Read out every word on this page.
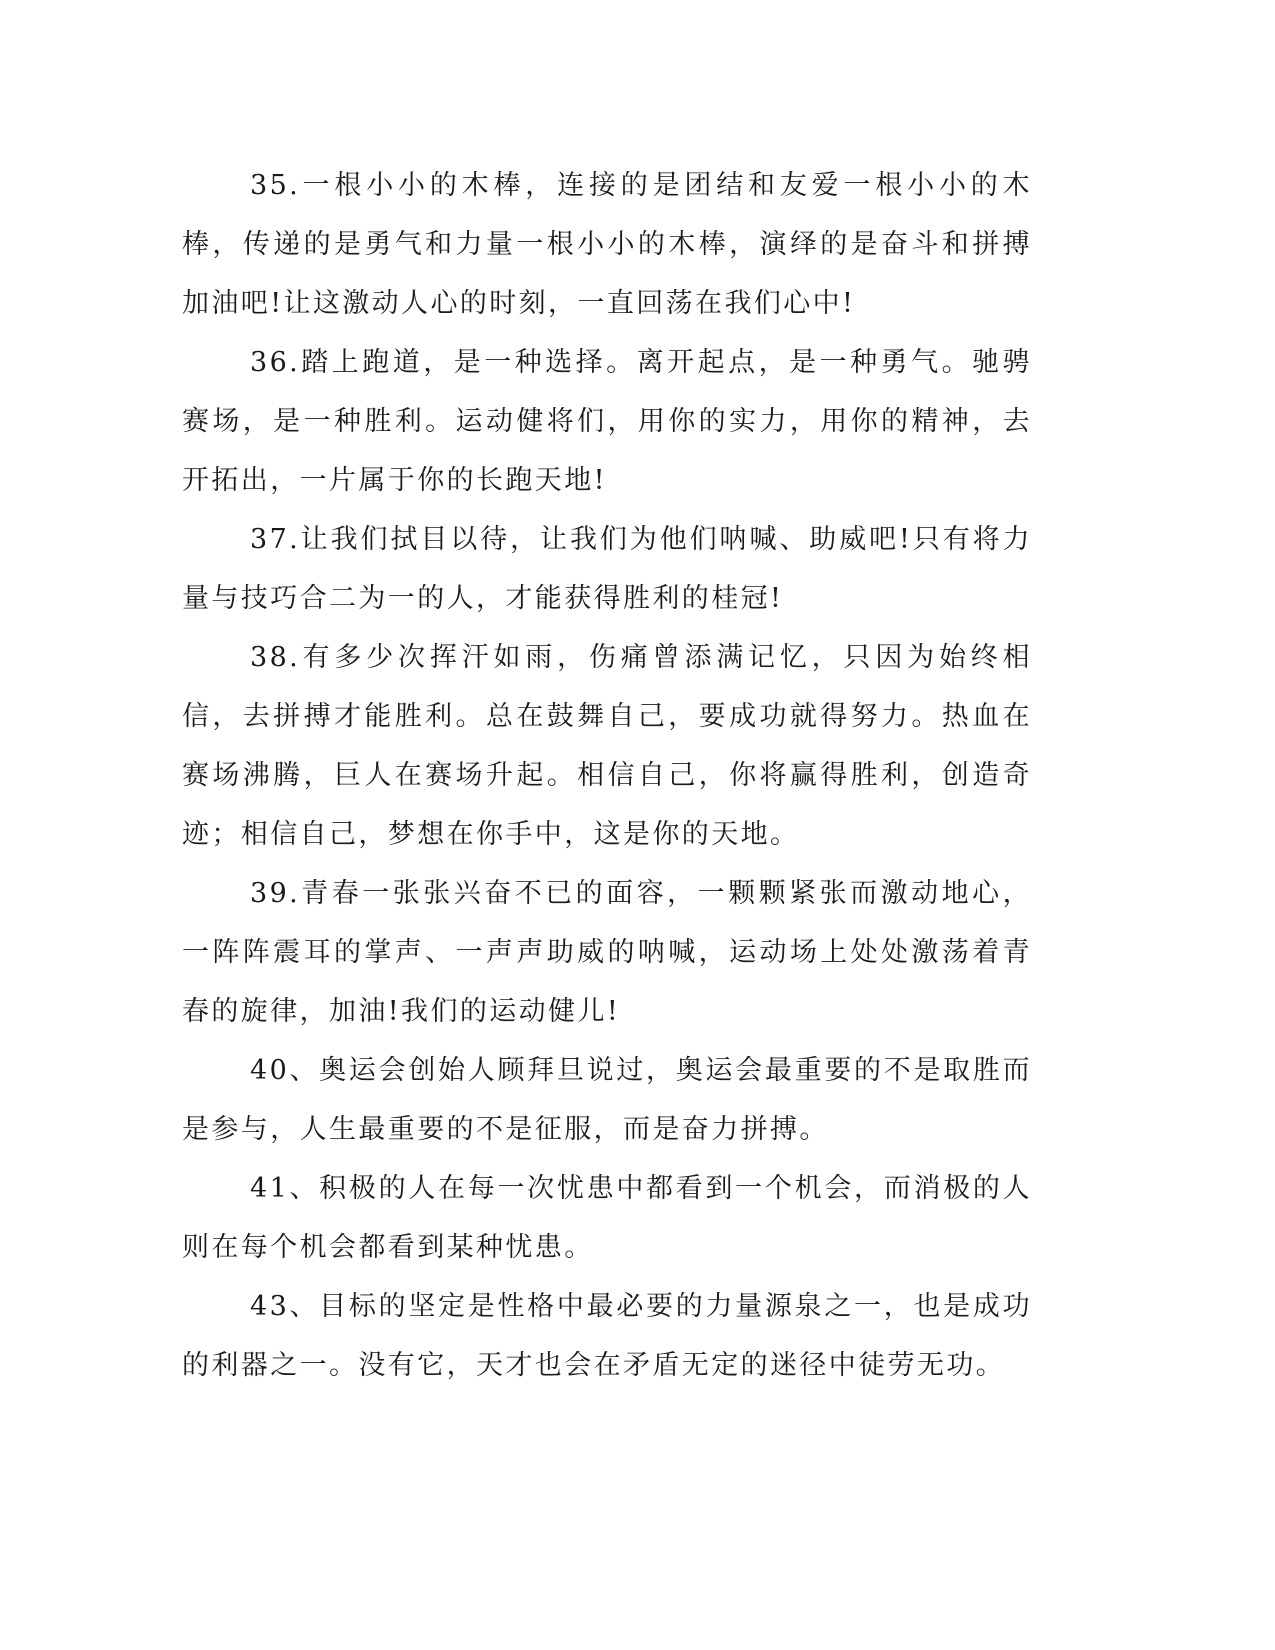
35.一根小小的木棒，连接的是团结和友爱一根小小的木棒，传递的是勇气和力量一根小小的木棒，演绎的是奋斗和拼搏加油吧!让这激动人心的时刻，一直回荡在我们心中!

36.踏上跑道，是一种选择。离开起点，是一种勇气。驰骋赛场，是一种胜利。运动健将们，用你的实力，用你的精神，去开拓出，一片属于你的长跑天地!

37.让我们拭目以待，让我们为他们呐喊、助威吧!只有将力量与技巧合二为一的人，才能获得胜利的桂冠!

38.有多少次挥汗如雨，伤痛曾添满记忆，只因为始终相信，去拼搏才能胜利。总在鼓舞自己，要成功就得努力。热血在赛场沸腾，巨人在赛场升起。相信自己，你将赢得胜利，创造奇迹；相信自己，梦想在你手中，这是你的天地。

39.青春一张张兴奋不已的面容，一颗颗紧张而激动地心，一阵阵震耳的掌声、一声声助威的呐喊，运动场上处处激荡着青春的旋律，加油!我们的运动健儿!

40、奥运会创始人顾拜旦说过，奥运会最重要的不是取胜而是参与，人生最重要的不是征服，而是奋力拼搏。

41、积极的人在每一次忧患中都看到一个机会，而消极的人则在每个机会都看到某种忧患。

43、目标的坚定是性格中最必要的力量源泉之一，也是成功的利器之一。没有它，天才也会在矛盾无定的迷径中徒劳无功。
